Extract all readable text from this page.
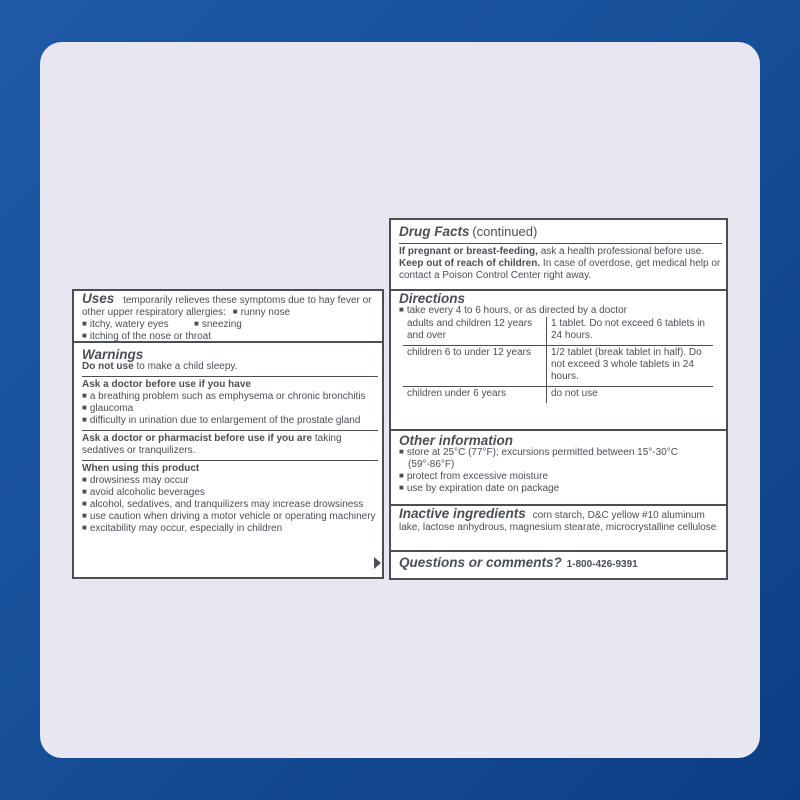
Uses temporarily relieves these symptoms due to hay fever or other upper respiratory allergies: ■ runny nose
■ itchy, watery eyes	■ sneezing
■ itching of the nose or throat
Warnings
Do not use to make a child sleepy.
Ask a doctor before use if you have
■ a breathing problem such as emphysema or chronic bronchitis
■ glaucoma
■ difficulty in urination due to enlargement of the prostate gland
Ask a doctor or pharmacist before use if you are taking sedatives or tranquilizers.
When using this product
■ drowsiness may occur
■ avoid alcoholic beverages
■ alcohol, sedatives, and tranquilizers may increase drowsiness
■ use caution when driving a motor vehicle or operating machinery
■ excitability may occur, especially in children
Drug Facts (continued)
If pregnant or breast-feeding, ask a health professional before use.
Keep out of reach of children. In case of overdose, get medical help or contact a Poison Control Center right away.
Directions
■ take every 4 to 6 hours, or as directed by a doctor
adults and children 12 years and over	1 tablet. Do not exceed 6 tablets in 24 hours.
children 6 to under 12 years	1/2 tablet (break tablet in half). Do not exceed 3 whole tablets in 24 hours.
children under 6 years	do not use
Other information
■ store at 25°C (77°F); excursions permitted between 15°-30°C (59°-86°F)
■ protect from excessive moisture
■ use by expiration date on package
Inactive ingredients corn starch, D&C yellow #10 aluminum lake, lactose anhydrous, magnesium stearate, microcrystalline cellulose
Questions or comments? 1-800-426-9391
